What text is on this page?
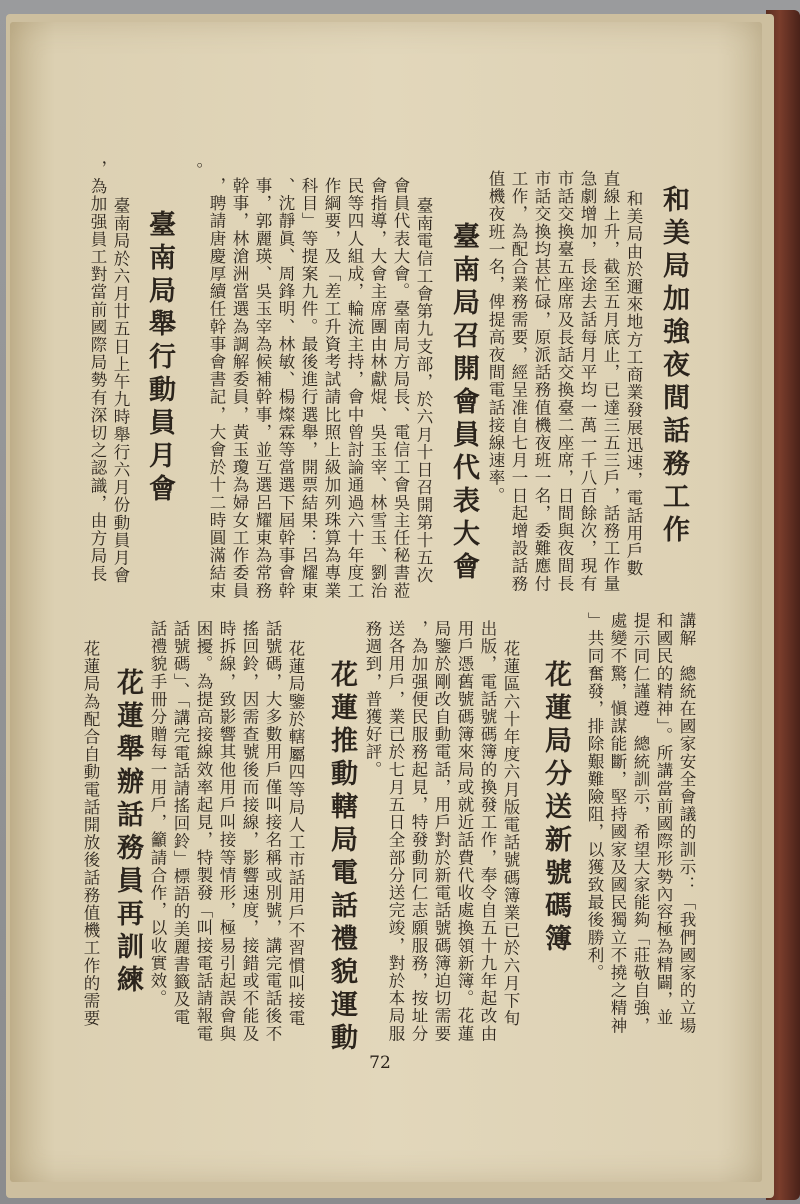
和美局加強夜間話務工作
和美局由於邇來地方工商業發展迅速，電話用戶數
直線上升，截至五月底止，已達三五三戶，話務工作量
急劇增加，長途去話每月平均一萬一千八百餘次，現有
市話交換臺五座席及長話交換臺二座席，日間與夜間長
市話交換均甚忙碌，原派話務值機夜班一名，委難應付
工作，為配合業務需要，經呈准自七月一日起增設話務
值機夜班一名，俾提高夜間電話接線速率。
臺南局召開會員代表大會
臺南電信工會第九支部，於六月十日召開第十五次
會員代表大會。臺南局方局長、電信工會吳主任秘書蒞
會指導，大會主席團由林獻焜、吳玉宰、林雪玉、劉治
民等四人組成，輪流主持，會中曾討論通過六十年度工
作綱要，及「差工升資考試請比照上級加列珠算為專業
科目」等提案九件。最後進行選舉，開票結果：呂耀東
、沈靜眞、周鋒明、林敏、楊燦霖等當選下屆幹事會幹
事，郭麗瑛、吳玉宰為候補幹事，並互選呂耀東為常務
幹事，林滄洲當選為調解委員，黃玉瓊為婦女工作委員
，聘請唐慶厚續任幹事會書記，大會於十二時圓滿結束
。
臺南局舉行動員月會
臺南局於六月廿五日上午九時舉行六月份動員月會
，為加强員工對當前國際局勢有深切之認識，由方局長
講解　總統在國家安全會議的訓示：「我們國家的立場
和國民的精神」。所講當前國際形勢內容極為精闢，並
提示同仁謹遵　總統訓示，希望大家能夠「莊敬自強，
處變不驚，愼謀能斷，堅持國家及國民獨立不撓之精神
」共同奮發，排除艱難險阻，以獲致最後勝利。
花蓮局分送新號碼簿
花蓮區六十年度六月版電話號碼簿業已於六月下旬
出版，電話號碼簿的換發工作，奉令自五十九年起改由
用戶憑舊號碼簿來局或就近話費代收處換領新簿。花蓮
局鑒於剛改自動電話，用戶對於新電話號碼簿迫切需要
，為加强便民服務起見，特發動同仁志願服務，按址分
送各用戶，業已於七月五日全部分送完竣，對於本局服
務週到，普獲好評。
花蓮推動轄局電話禮貌運動
花蓮局鑒於轄屬四等局人工市話用戶不習慣叫接電
話號碼，大多數用戶僅叫接名稱或別號，講完電話後不
搖回鈴，因需查號後而接線，影響速度，接錯或不能及
時拆線，致影響其他用戶叫接等情形，極易引起誤會與
困擾。為提高接線效率起見，特製發「叫接電話請報電
話號碼」、「講完電話請搖回鈴」標語的美麗書籤及電
話禮貌手冊分贈每一用戶，籲請合作，以收實效。
花蓮舉辦話務員再訓練
花蓮局為配合自動電話開放後話務值機工作的需要
72
